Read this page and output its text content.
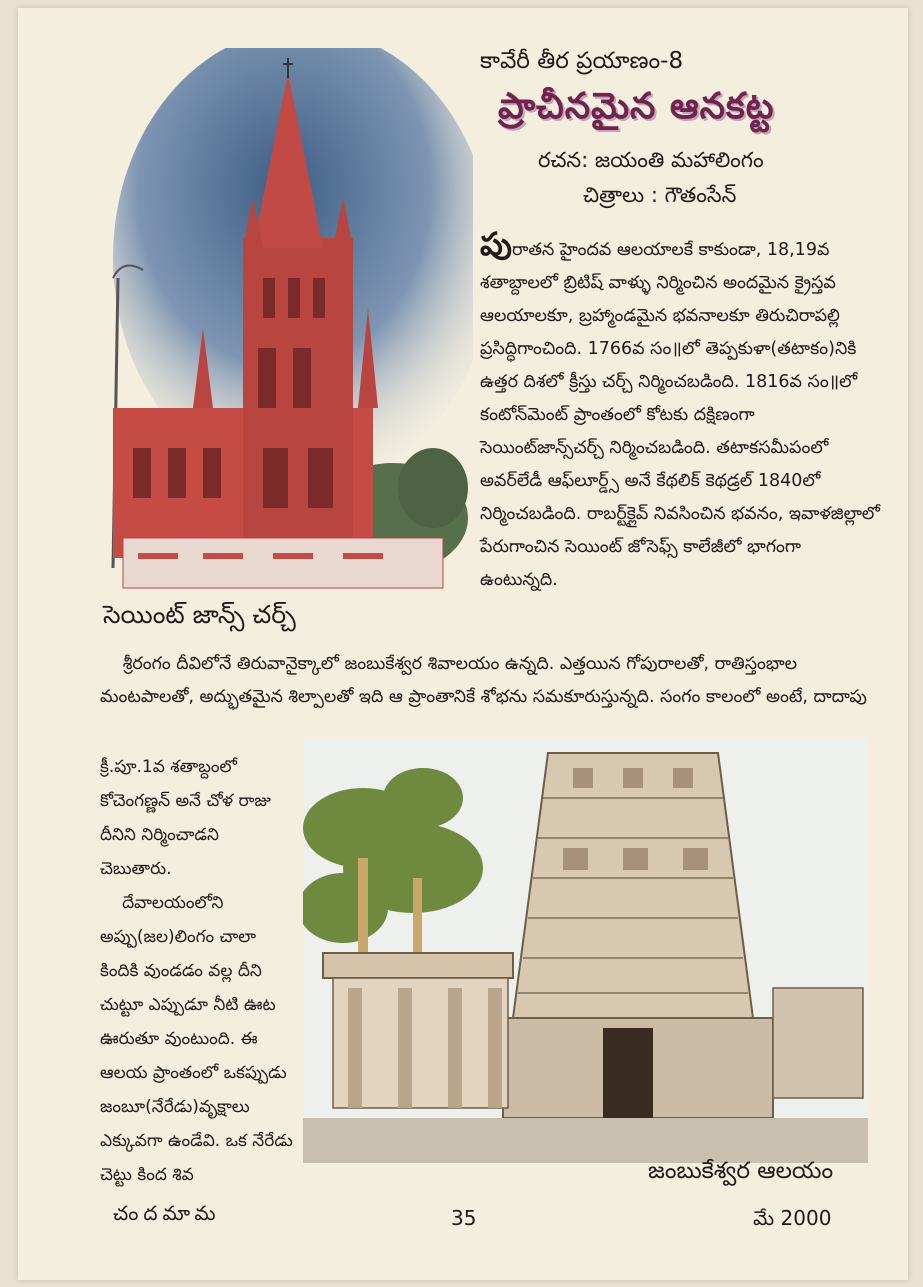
కావేరీ తీర ప్రయాణం-8
ప్రాచీనమైన ఆనకట్ట
రచన: జయంతి మహాలింగం
చిత్రాలు : గౌతంసేన్

పురాతన హైందవ ఆలయాలకే కాకుండా, 18,19వ శతాబ్దాలలో బ్రిటిష్ వాళ్ళు నిర్మించిన అందమైన క్రైస్తవ ఆలయాలకూ, బ్రహ్మాండమైన భవనాలకూ తిరుచిరాపల్లి ప్రసిద్ధిగాంచింది. 1766వ సం॥లో తెప్పకుళా(తటాకం)నికి ఉత్తర దిశలో క్రీస్తు చర్చ్ నిర్మించబడింది. 1816వ సం॥లో కంటోన్‌మెంట్ ప్రాంతంలో కోటకు దక్షిణంగా సెయింట్‌జాన్స్‌చర్చ్ నిర్మించబడింది. తటాకసమీపంలో అవర్‌లేడీ ఆఫ్‌లూర్డ్స్ అనే కేథలిక్ కెథడ్రల్ 1840లో నిర్మించబడింది. రాబర్ట్‌క్లైవ్ నివసించిన భవనం, ఇవాళజిల్లాలో పేరుగాంచిన సెయింట్ జోసెఫ్స్ కాలేజీలో భాగంగా ఉంటున్నది.

సెయింట్ జాన్స్ చర్చ్

శ్రీరంగం దీవిలోనే తిరువానైక్కాలో జంబుకేశ్వర శివాలయం ఉన్నది. ఎత్తయిన గోపురాలతో, రాతిస్తంభాల మంటపాలతో, అద్భుతమైన శిల్పాలతో ఇది ఆ ప్రాంతానికే శోభను సమకూరుస్తున్నది. సంగం కాలంలో అంటే, దాదాపు

క్రీ.పూ.1వ శతాబ్దంలో కోచెంగణ్ణన్ అనే చోళ రాజు దీనిని నిర్మించాడని చెబుతారు.

దేవాలయంలోని అప్పు(జల)లింగం చాలా కిందికి వుండడం వల్ల దీని చుట్టూ ఎప్పుడూ నీటి ఊట ఊరుతూ వుంటుంది. ఈ ఆలయ ప్రాంతంలో ఒకప్పుడు జంబూ(నేరేడు)వృక్షాలు ఎక్కువగా ఉండేవి. ఒక నేరేడు చెట్టు కింద శివ	జంబుకేశ్వర ఆలయం
చందమామ	35	మే 2000
